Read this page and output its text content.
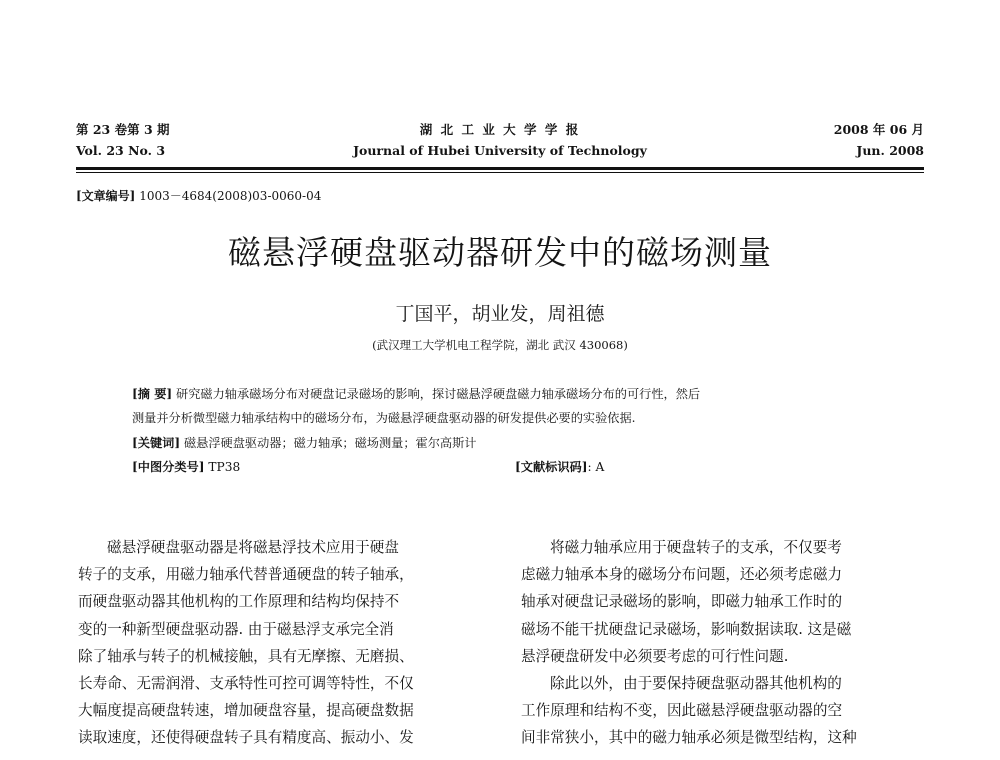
第 23 卷第 3 期
Vol. 23 No. 3
湖 北 工 业 大 学 学 报
Journal of Hubei University of Technology
2008 年 06 月
Jun. 2008
[文章编号] 1003－4684(2008)03-0060-04
磁悬浮硬盘驱动器研发中的磁场测量
丁国平，胡业发，周祖德
(武汉理工大学机电工程学院，湖北 武汉 430068)
[摘 要] 研究磁力轴承磁场分布对硬盘记录磁场的影响，探讨磁悬浮硬盘磁力轴承磁场分布的可行性，然后
测量并分析微型磁力轴承结构中的磁场分布，为磁悬浮硬盘驱动器的研发提供必要的实验依据.
[关键词] 磁悬浮硬盘驱动器；磁力轴承；磁场测量；霍尔高斯计
[中图分类号] TP38	[文献标识码]: A

磁悬浮硬盘驱动器是将磁悬浮技术应用于硬盘

转子的支承，用磁力轴承代替普通硬盘的转子轴承，

而硬盘驱动器其他机构的工作原理和结构均保持不

变的一种新型硬盘驱动器. 由于磁悬浮支承完全消

除了轴承与转子的机械接触，具有无摩擦、无磨损、

长寿命、无需润滑、支承特性可控可调等特性，不仅

大幅度提高硬盘转速，增加硬盘容量，提高硬盘数据

读取速度，还使得硬盘转子具有精度高、振动小、发

将磁力轴承应用于硬盘转子的支承，不仅要考

虑磁力轴承本身的磁场分布问题，还必须考虑磁力

轴承对硬盘记录磁场的影响，即磁力轴承工作时的

磁场不能干扰硬盘记录磁场，影响数据读取. 这是磁

悬浮硬盘研发中必须要考虑的可行性问题.

除此以外，由于要保持硬盘驱动器其他机构的

工作原理和结构不变，因此磁悬浮硬盘驱动器的空

间非常狭小，其中的磁力轴承必须是微型结构，这种
